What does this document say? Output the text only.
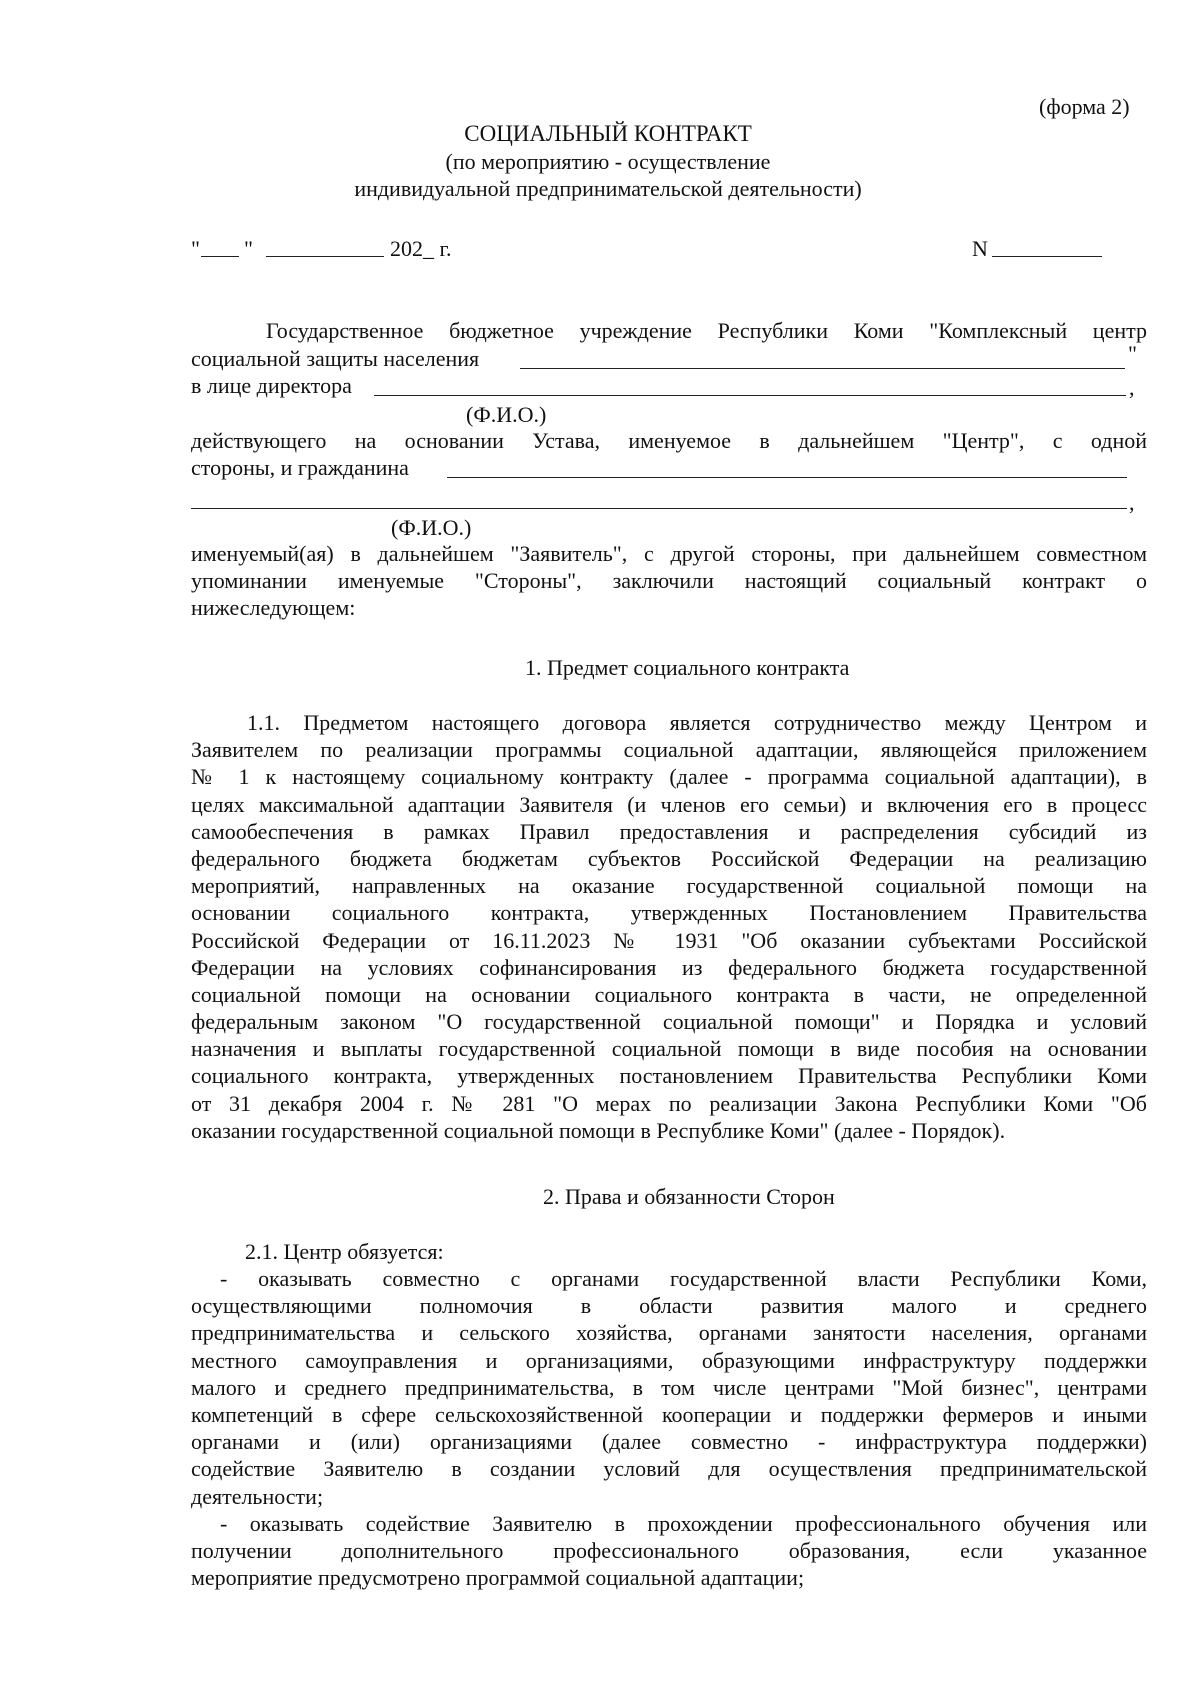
(форма 2)
СОЦИАЛЬНЫЙ КОНТРАКТ
(по мероприятию - осуществление
индивидуальной предпринимательской деятельности)
" "	202_ г.	N
Государственное бюджетное учреждение Республики Коми "Комплексный центр
социальной защиты населения	"
в лице директора	,
(Ф.И.О.)
действующего на основании Устава, именуемое в дальнейшем "Центр", с одной
стороны, и гражданина
,
(Ф.И.О.)
именуемый(ая) в дальнейшем "Заявитель", с другой стороны, при дальнейшем совместном
упоминании именуемые "Стороны", заключили настоящий социальный контракт о
нижеследующем:
1. Предмет социального контракта
1.1. Предметом настоящего договора является сотрудничество между Центром и
Заявителем по реализации программы социальной адаптации, являющейся приложением
№ 1 к настоящему социальному контракту (далее - программа социальной адаптации), в
целях максимальной адаптации Заявителя (и членов его семьи) и включения его в процесс
самообеспечения в рамках Правил предоставления и распределения субсидий из
федерального бюджета бюджетам субъектов Российской Федерации на реализацию
мероприятий, направленных на оказание государственной социальной помощи на
основании социального контракта, утвержденных Постановлением Правительства
Российской Федерации от 16.11.2023 № 1931 "Об оказании субъектами Российской
Федерации на условиях софинансирования из федерального бюджета государственной
социальной помощи на основании социального контракта в части, не определенной
федеральным законом "О государственной социальной помощи" и Порядка и условий
назначения и выплаты государственной социальной помощи в виде пособия на основании
социального контракта, утвержденных постановлением Правительства Республики Коми
от 31 декабря 2004 г. № 281 "О мерах по реализации Закона Республики Коми "Об
оказании государственной социальной помощи в Республике Коми" (далее - Порядок).
2. Права и обязанности Сторон
2.1. Центр обязуется:
- оказывать совместно с органами государственной власти Республики Коми,
осуществляющими полномочия в области развития малого и среднего
предпринимательства и сельского хозяйства, органами занятости населения, органами
местного самоуправления и организациями, образующими инфраструктуру поддержки
малого и среднего предпринимательства, в том числе центрами "Мой бизнес", центрами
компетенций в сфере сельскохозяйственной кооперации и поддержки фермеров и иными
органами и (или) организациями (далее совместно - инфраструктура поддержки)
содействие Заявителю в создании условий для осуществления предпринимательской
деятельности;
- оказывать содействие Заявителю в прохождении профессионального обучения или
получении дополнительного профессионального образования, если указанное
мероприятие предусмотрено программой социальной адаптации;
